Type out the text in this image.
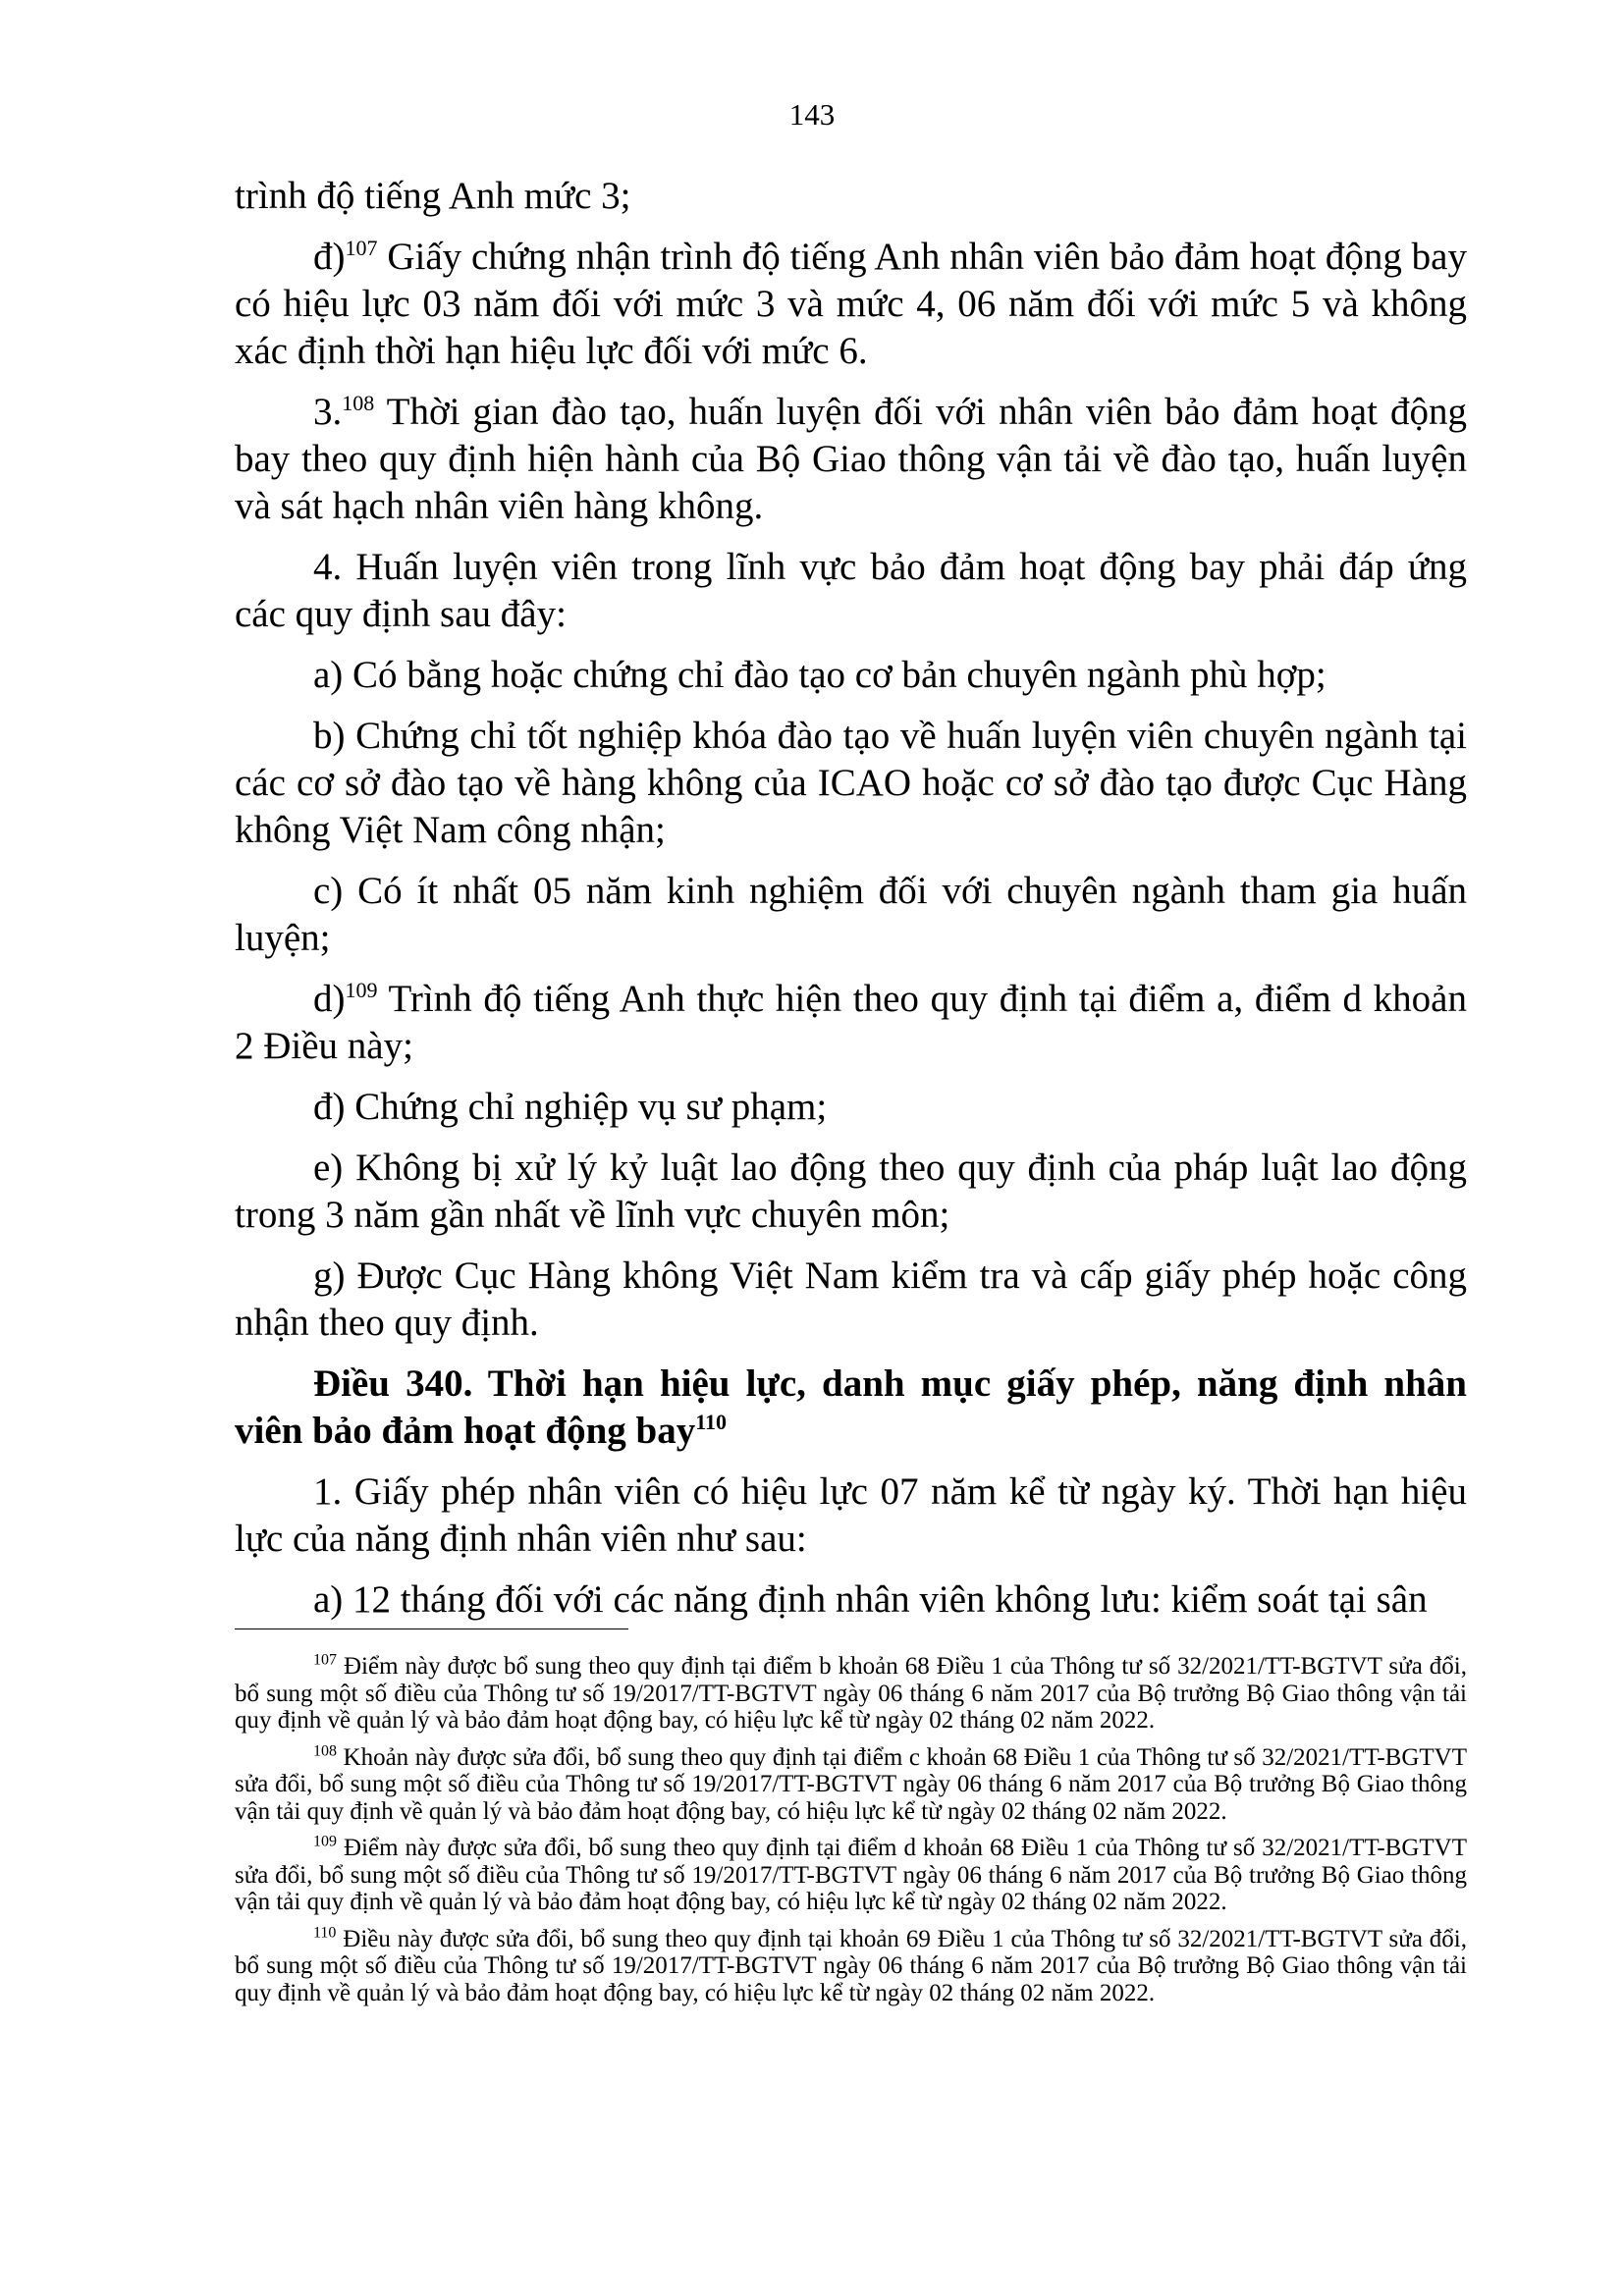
143

trình độ tiếng Anh mức 3;

đ)$^{107}$ Giấy chứng nhận trình độ tiếng Anh nhân viên bảo đảm hoạt động bay có hiệu lực 03 năm đối với mức 3 và mức 4, 06 năm đối với mức 5 và không xác định thời hạn hiệu lực đối với mức 6.

3.$^{108}$ Thời gian đào tạo, huấn luyện đối với nhân viên bảo đảm hoạt động bay theo quy định hiện hành của Bộ Giao thông vận tải về đào tạo, huấn luyện và sát hạch nhân viên hàng không.

4. Huấn luyện viên trong lĩnh vực bảo đảm hoạt động bay phải đáp ứng các quy định sau đây:

a) Có bằng hoặc chứng chỉ đào tạo cơ bản chuyên ngành phù hợp;

b) Chứng chỉ tốt nghiệp khóa đào tạo về huấn luyện viên chuyên ngành tại các cơ sở đào tạo về hàng không của ICAO hoặc cơ sở đào tạo được Cục Hàng không Việt Nam công nhận;

c) Có ít nhất 05 năm kinh nghiệm đối với chuyên ngành tham gia huấn luyện;

d)$^{109}$ Trình độ tiếng Anh thực hiện theo quy định tại điểm a, điểm d khoản 2 Điều này;

đ) Chứng chỉ nghiệp vụ sư phạm;

e) Không bị xử lý kỷ luật lao động theo quy định của pháp luật lao động trong 3 năm gần nhất về lĩnh vực chuyên môn;

g) Được Cục Hàng không Việt Nam kiểm tra và cấp giấy phép hoặc công nhận theo quy định.

Điều 340. Thời hạn hiệu lực, danh mục giấy phép, năng định nhân viên bảo đảm hoạt động bay$^{110}$

1. Giấy phép nhân viên có hiệu lực 07 năm kể từ ngày ký. Thời hạn hiệu lực của năng định nhân viên như sau:

a) 12 tháng đối với các năng định nhân viên không lưu: kiểm soát tại sân

$^{107}$ Điểm này được bổ sung theo quy định tại điểm b khoản 68 Điều 1 của Thông tư số 32/2021/TT-BGTVT sửa đổi, bổ sung một số điều của Thông tư số 19/2017/TT-BGTVT ngày 06 tháng 6 năm 2017 của Bộ trưởng Bộ Giao thông vận tải quy định về quản lý và bảo đảm hoạt động bay, có hiệu lực kể từ ngày 02 tháng 02 năm 2022.

$^{108}$ Khoản này được sửa đổi, bổ sung theo quy định tại điểm c khoản 68 Điều 1 của Thông tư số 32/2021/TT-BGTVT sửa đổi, bổ sung một số điều của Thông tư số 19/2017/TT-BGTVT ngày 06 tháng 6 năm 2017 của Bộ trưởng Bộ Giao thông vận tải quy định về quản lý và bảo đảm hoạt động bay, có hiệu lực kể từ ngày 02 tháng 02 năm 2022.

$^{109}$ Điểm này được sửa đổi, bổ sung theo quy định tại điểm d khoản 68 Điều 1 của Thông tư số 32/2021/TT-BGTVT sửa đổi, bổ sung một số điều của Thông tư số 19/2017/TT-BGTVT ngày 06 tháng 6 năm 2017 của Bộ trưởng Bộ Giao thông vận tải quy định về quản lý và bảo đảm hoạt động bay, có hiệu lực kể từ ngày 02 tháng 02 năm 2022.

$^{110}$ Điều này được sửa đổi, bổ sung theo quy định tại khoản 69 Điều 1 của Thông tư số 32/2021/TT-BGTVT sửa đổi, bổ sung một số điều của Thông tư số 19/2017/TT-BGTVT ngày 06 tháng 6 năm 2017 của Bộ trưởng Bộ Giao thông vận tải quy định về quản lý và bảo đảm hoạt động bay, có hiệu lực kể từ ngày 02 tháng 02 năm 2022.
